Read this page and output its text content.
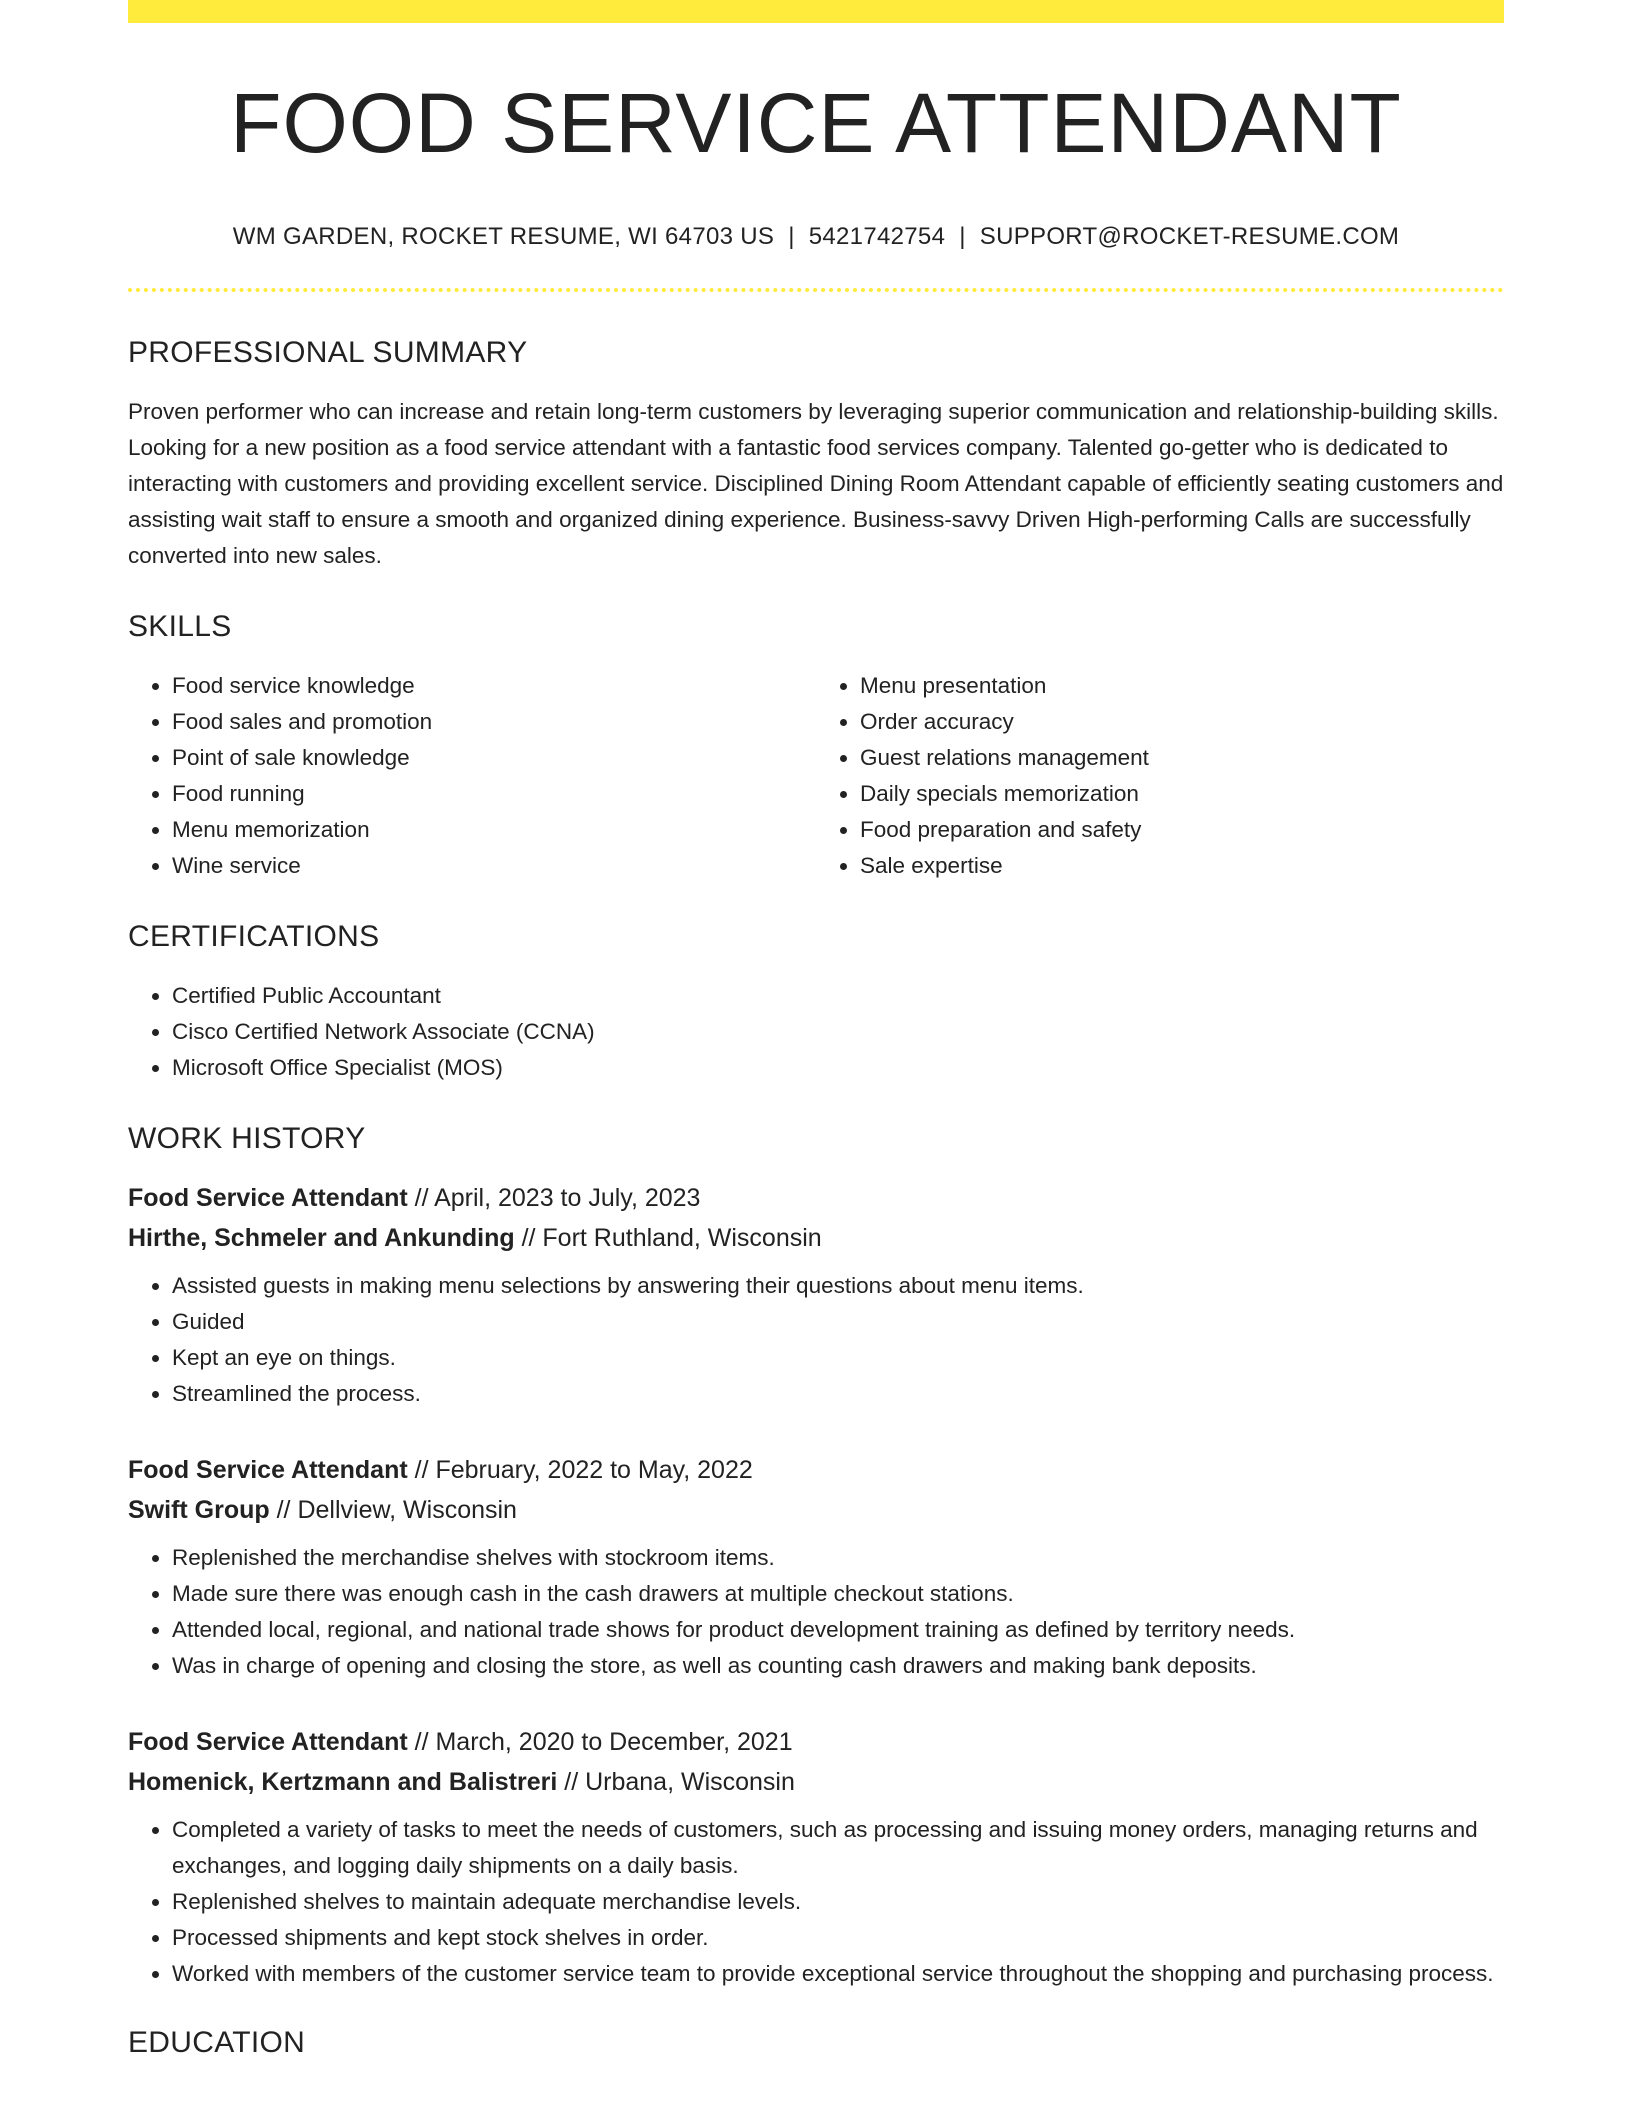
FOOD SERVICE ATTENDANT
WM GARDEN, ROCKET RESUME, WI 64703 US | 5421742754 | SUPPORT@ROCKET-RESUME.COM
PROFESSIONAL SUMMARY

Proven performer who can increase and retain long-term customers by leveraging superior communication and relationship-building skills. Looking for a new position as a food service attendant with a fantastic food services company. Talented go-getter who is dedicated to interacting with customers and providing excellent service. Disciplined Dining Room Attendant capable of efficiently seating customers and assisting wait staff to ensure a smooth and organized dining experience. Business-savvy Driven High-performing Calls are successfully converted into new sales.

SKILLS
• Food service knowledge
• Food sales and promotion
• Point of sale knowledge
• Food running
• Menu memorization
• Wine service
• Menu presentation
• Order accuracy
• Guest relations management
• Daily specials memorization
• Food preparation and safety
• Sale expertise
CERTIFICATIONS
• Certified Public Accountant
• Cisco Certified Network Associate (CCNA)
• Microsoft Office Specialist (MOS)
WORK HISTORY
Food Service Attendant // April, 2023 to July, 2023
Hirthe, Schmeler and Ankunding // Fort Ruthland, Wisconsin
• Assisted guests in making menu selections by answering their questions about menu items.
• Guided
• Kept an eye on things.
• Streamlined the process.
Food Service Attendant // February, 2022 to May, 2022
Swift Group // Dellview, Wisconsin
• Replenished the merchandise shelves with stockroom items.
• Made sure there was enough cash in the cash drawers at multiple checkout stations.
• Attended local, regional, and national trade shows for product development training as defined by territory needs.
• Was in charge of opening and closing the store, as well as counting cash drawers and making bank deposits.
Food Service Attendant // March, 2020 to December, 2021
Homenick, Kertzmann and Balistreri // Urbana, Wisconsin
• Completed a variety of tasks to meet the needs of customers, such as processing and issuing money orders, managing returns and exchanges, and logging daily shipments on a daily basis.
• Replenished shelves to maintain adequate merchandise levels.
• Processed shipments and kept stock shelves in order.
• Worked with members of the customer service team to provide exceptional service throughout the shopping and purchasing process.
EDUCATION
